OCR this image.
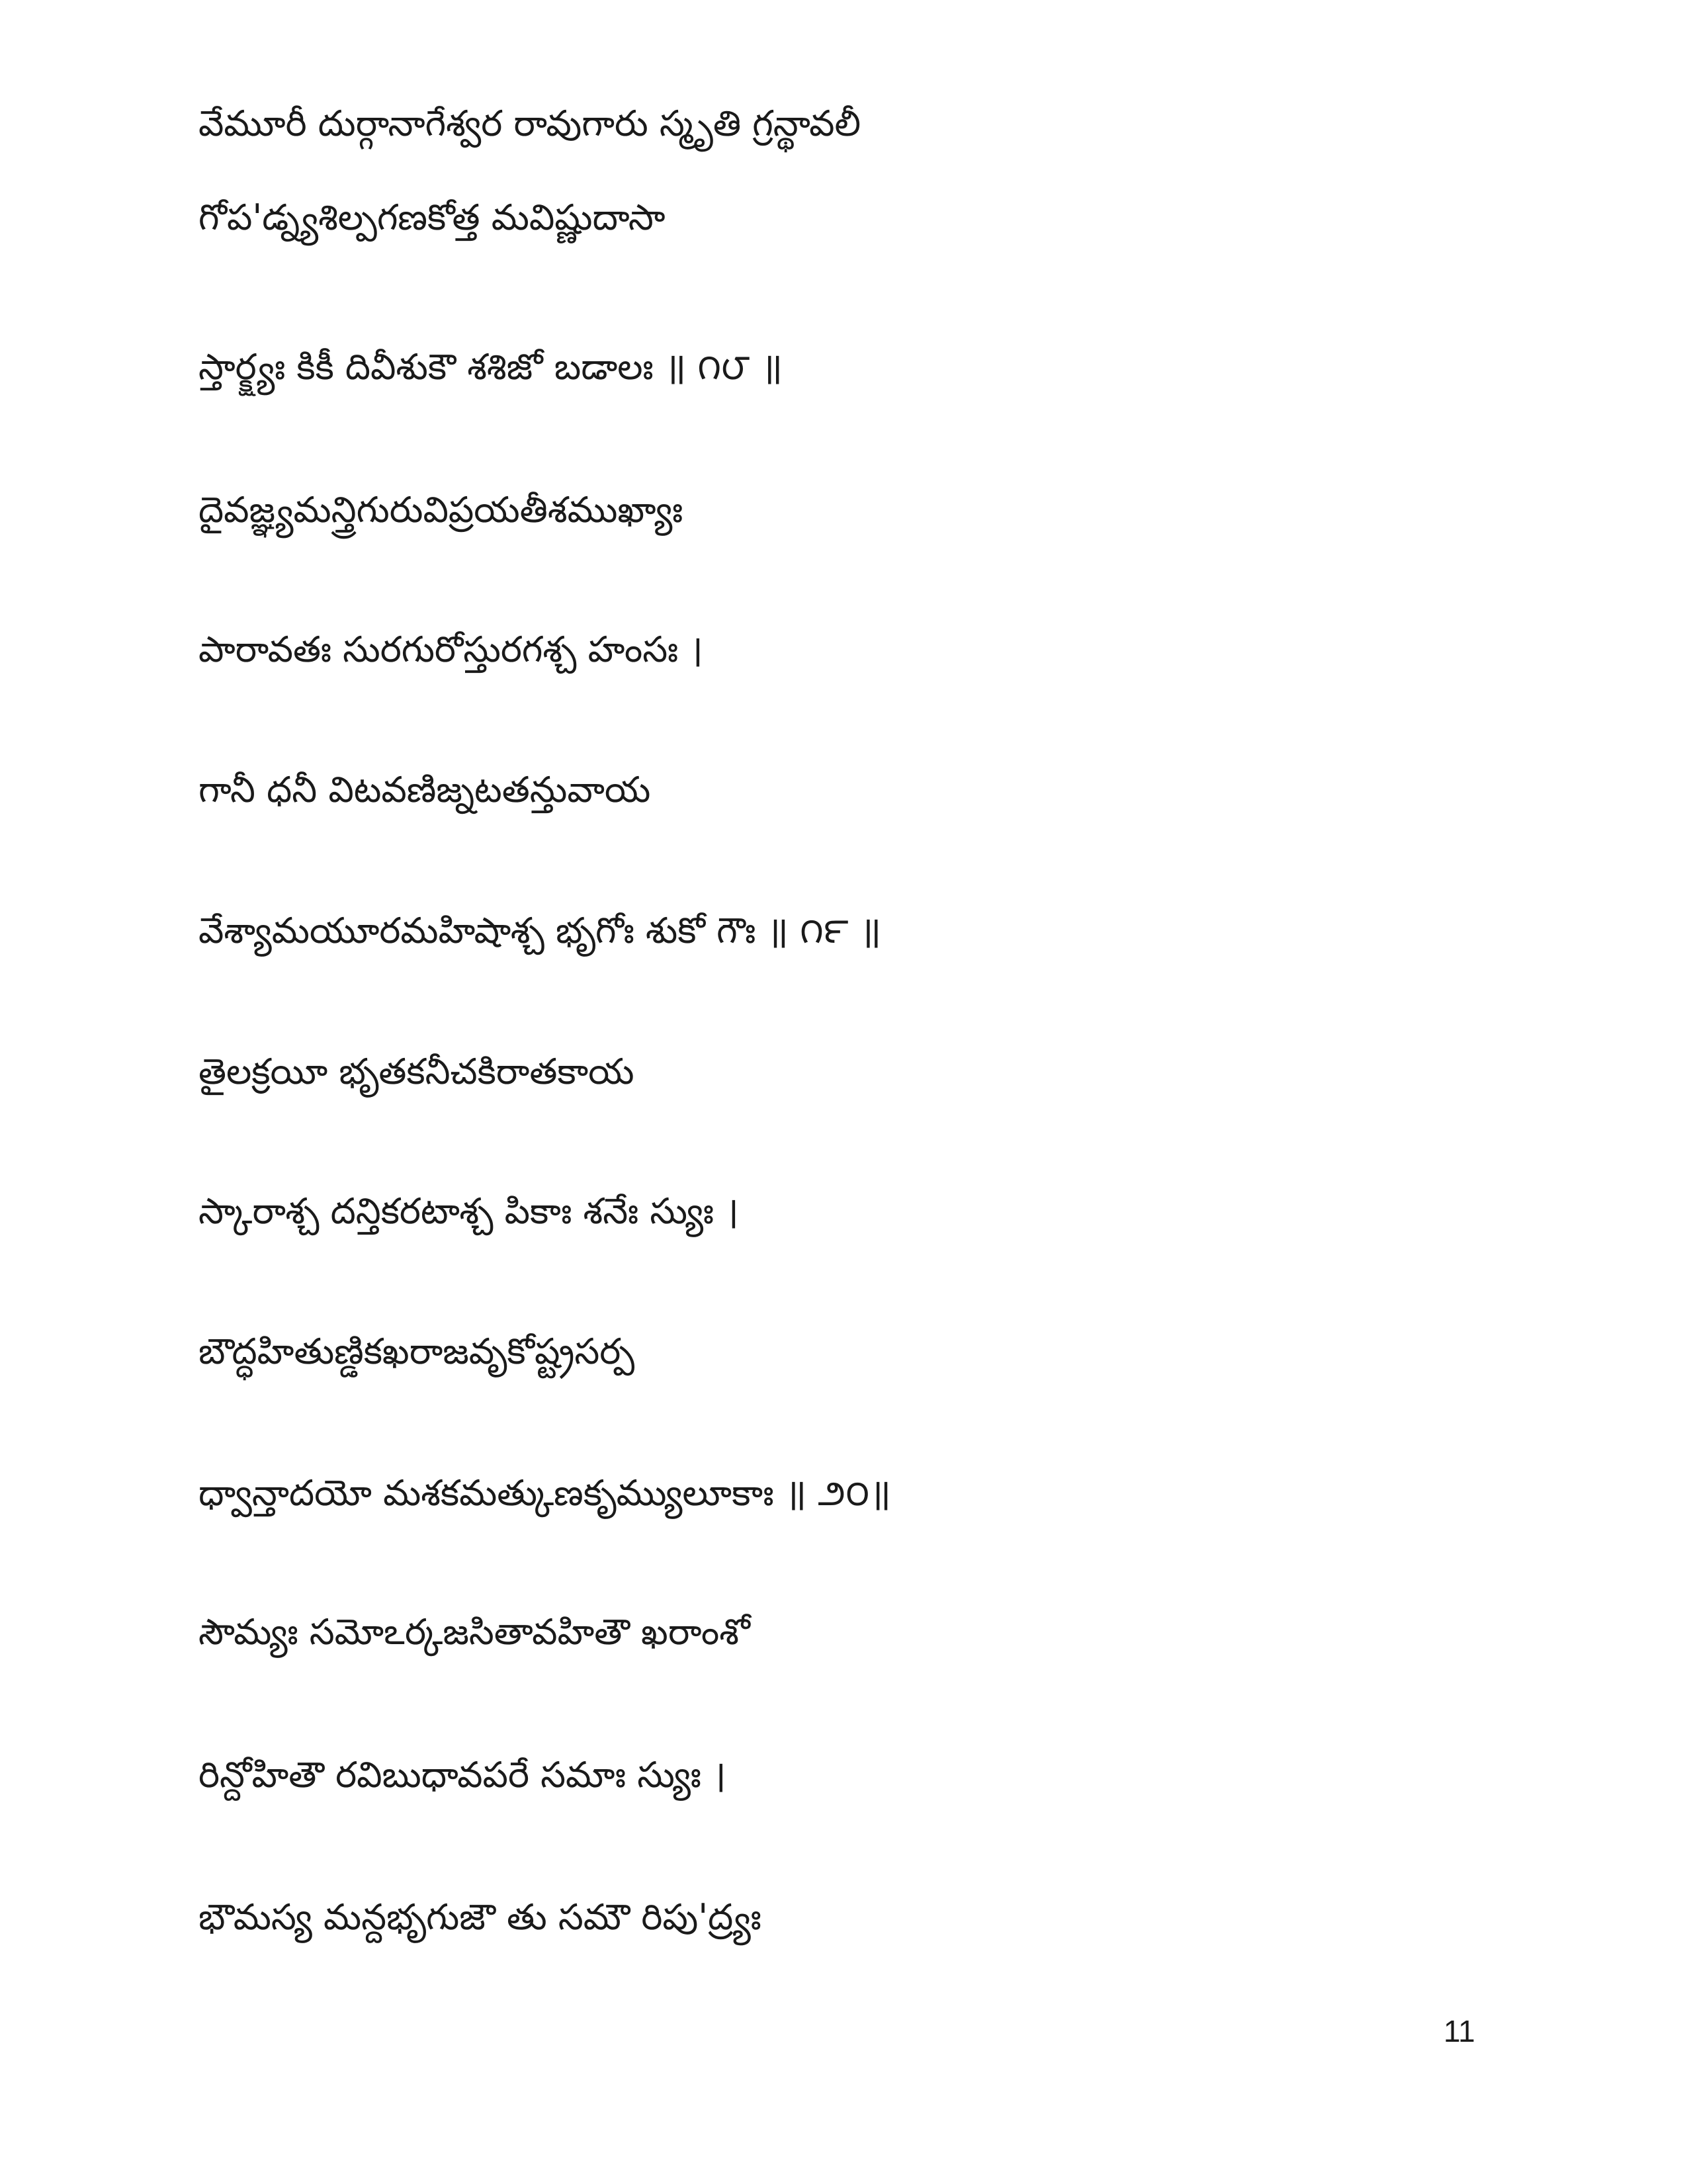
వేమూరీ దుర్గానాగేశ్వర రావుగారు స్మృతి గ్రన్థావలీ
గోప'డ్న్యశిల్పగణకోత్త మవిష్ణుదాసా
స్తార్క్ష్యః కికీ దివీశుకౌ శశిజో బడాలః ॥ ౧౮ ॥
దైవజ్ఞ్యమన్త్రిగురువిప్రయతీశముఖ్యాః
పారావతః సురగురోస్తురగశ్చ హంసః ।
గానీ ధనీ విటవణిజ్నటతన్తువాయ
వేశ్యామయూరమహిషాశ్చ భృగోః శుకో గౌః ॥ ౧౯ ॥
తైలక్రయీ భృతకనీచకిరాతకాయ
స్కారాశ్చ దన్తికరటాశ్చ పికాః శనేః స్యుః ।
బౌద్ధహితుణ్డికఖరాజవృకోష్ట్రసర్ప
ధ్వాన్తాదయో మశకమత్కుణకృమ్యులూకాః ॥ ౨౦॥
సౌమ్యః సమోఽర్కజసితావహితౌ ఖరాంశో
రిన్దోహితౌ రవిబుధావపరే సమాః స్యుః ।
భౌమస్య మన్దభృగుజౌ తు సమౌ రిపు'ద్ర్యః
11
